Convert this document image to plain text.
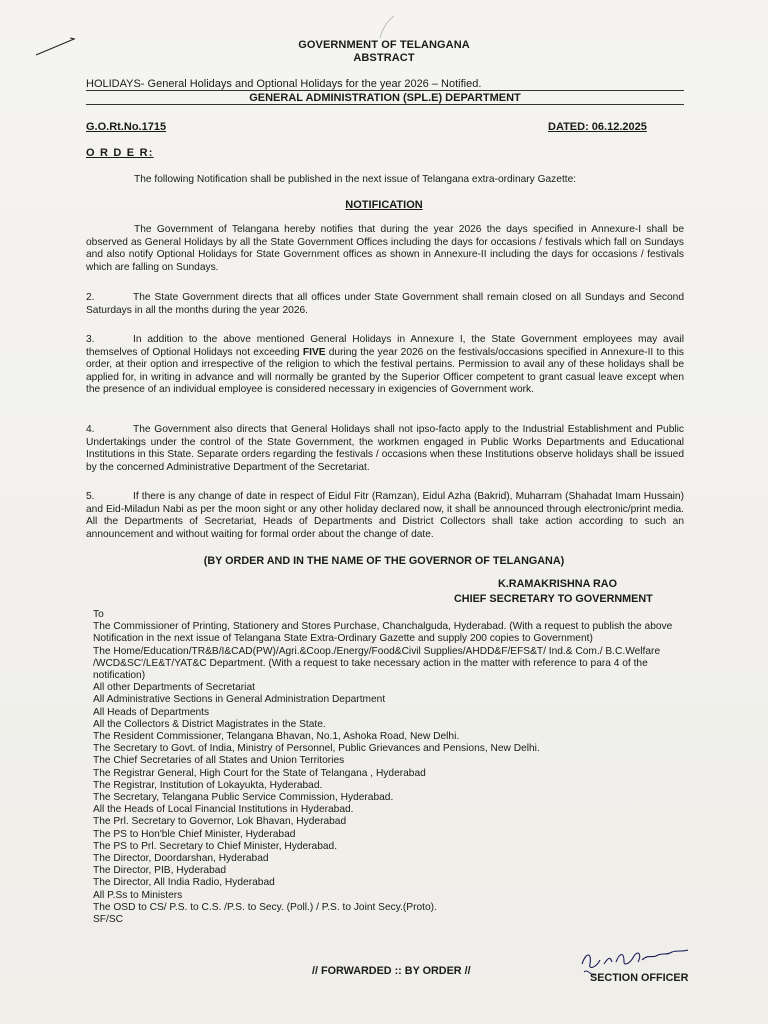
GOVERNMENT OF TELANGANA
ABSTRACT
HOLIDAYS- General Holidays and Optional Holidays for the year 2026 – Notified.
GENERAL ADMINISTRATION (SPL.E) DEPARTMENT
G.O.Rt.No.1715	DATED: 06.12.2025
O R D E R:
The following Notification shall be published in the next issue of Telangana extra-ordinary Gazette:
NOTIFICATION
The Government of Telangana hereby notifies that during the year 2026 the days specified in Annexure-I shall be observed as General Holidays by all the State Government Offices including the days for occasions / festivals which fall on Sundays and also notify Optional Holidays for State Government offices as shown in Annexure-II including the days for occasions / festivals which are falling on Sundays.
2.	The State Government directs that all offices under State Government shall remain closed on all Sundays and Second Saturdays in all the months during the year 2026.
3.	In addition to the above mentioned General Holidays in Annexure I, the State Government employees may avail themselves of Optional Holidays not exceeding FIVE during the year 2026 on the festivals/occasions specified in Annexure-II to this order, at their option and irrespective of the religion to which the festival pertains. Permission to avail any of these holidays shall be applied for, in writing in advance and will normally be granted by the Superior Officer competent to grant casual leave except when the presence of an individual employee is considered necessary in exigencies of Government work.
4.	The Government also directs that General Holidays shall not ipso-facto apply to the Industrial Establishment and Public Undertakings under the control of the State Government, the workmen engaged in Public Works Departments and Educational Institutions in this State. Separate orders regarding the festivals / occasions when these Institutions observe holidays shall be issued by the concerned Administrative Department of the Secretariat.
5.	If there is any change of date in respect of Eidul Fitr (Ramzan), Eidul Azha (Bakrid), Muharram (Shahadat Imam Hussain) and Eid-Miladun Nabi as per the moon sight or any other holiday declared now, it shall be announced through electronic/print media. All the Departments of Secretariat, Heads of Departments and District Collectors shall take action according to such an announcement and without waiting for formal order about the change of date.
(BY ORDER AND IN THE NAME OF THE GOVERNOR OF TELANGANA)
K.RAMAKRISHNA RAO
CHIEF SECRETARY TO GOVERNMENT
To
The Commissioner of Printing, Stationery and Stores Purchase, Chanchalguda, Hyderabad. (With a request to publish the above Notification in the next issue of Telangana State Extra-Ordinary Gazette and supply 200 copies to Government)
The Home/Education/TR&B/I&CAD(PW)/Agri.&Coop./Energy/Food&Civil Supplies/AHDD&F/EFS&T/ Ind.& Com./ B.C.Welfare /WCD&SC'/LE&T/YAT&C Department. (With a request to take necessary action in the matter with reference to para 4 of the notification)
All other Departments of Secretariat
All Administrative Sections in General Administration Department
All Heads of Departments
All the Collectors & District Magistrates in the State.
The Resident Commissioner, Telangana Bhavan, No.1, Ashoka Road, New Delhi.
The Secretary to Govt. of India, Ministry of Personnel, Public Grievances and Pensions, New Delhi.
The Chief Secretaries of all States and Union Territories
The Registrar General, High Court for the State of Telangana , Hyderabad
The Registrar, Institution of Lokayukta, Hyderabad.
The Secretary, Telangana Public Service Commission, Hyderabad.
All the Heads of Local Financial Institutions in Hyderabad.
The Prl. Secretary to Governor, Lok Bhavan, Hyderabad
The PS to Hon'ble Chief Minister, Hyderabad
The PS to Prl. Secretary to Chief Minister, Hyderabad.
The Director, Doordarshan, Hyderabad
The Director, PIB, Hyderabad
The Director, All India Radio, Hyderabad
All P.Ss to Ministers
The OSD to CS/ P.S. to C.S. /P.S. to Secy. (Poll.) / P.S. to Joint Secy.(Proto).
SF/SC
// FORWARDED :: BY ORDER //
SECTION OFFICER
